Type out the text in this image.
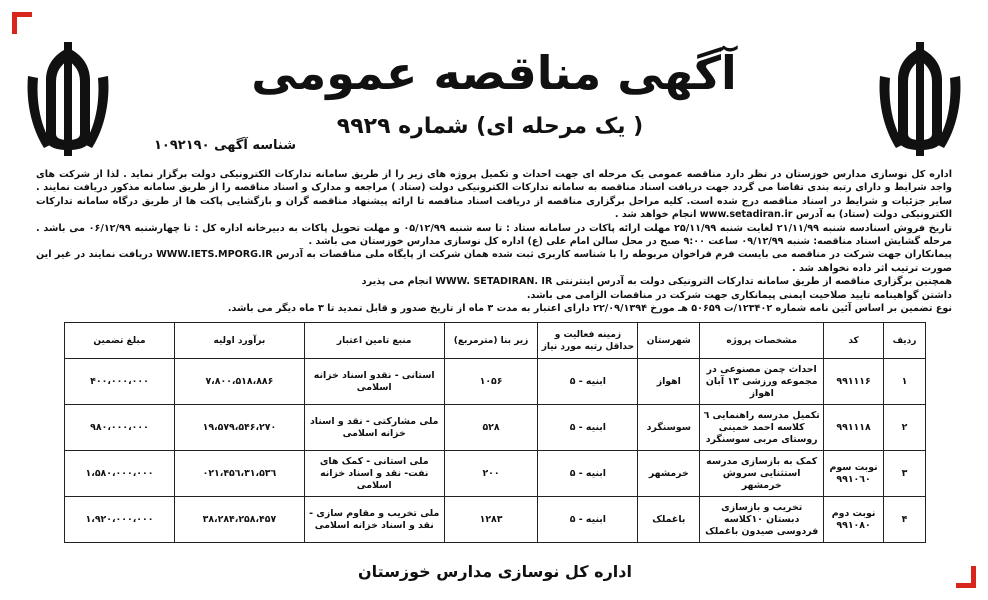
آگهی مناقصه عمومی
( یک مرحله ای) شماره ۹۹۲۹
شناسه آگهی ۱۰۹۲۱۹۰

اداره کل نوسازی مدارس خوزستان در نظر دارد مناقصه عمومی یک مرحله ای جهت احداث و تکمیل پروژه های زیر را از طریق سامانه تدارکات الکترونیکی دولت برگزار نماید . لذا از شرکت های واجد شرایط و دارای رتبه بندی تقاضا می گردد جهت دریافت اسناد مناقصه به سامانه تدارکات الکترونیکی دولت (ستاد ) مراجعه و مدارک و اسناد مناقصه را از طریق سامانه مذکور دریافت نمایند . سایر جزئیات و شرایط در اسناد مناقصه درج شده است. کلیه مراحل برگزاری مناقصه از دریافت اسناد مناقصه تا ارائه پیشنهاد مناقصه گران و بازگشایی پاکت ها از طریق درگاه سامانه تدارکات الکترونیکی دولت (ستاد) به آدرس www.setadiran.ir انجام خواهد شد .

تاریخ فروش اسنادسه شنبه ۲۱/۱۱/۹۹ لغایت شنبه ۲۵/۱۱/۹۹ مهلت ارائه پاکات در سامانه ستاد : تا سه شنبه ۰۵/۱۲/۹۹ و مهلت تحویل پاکات به دبیرخانه اداره کل : تا چهارشنبه ۰۶/۱۲/۹۹ می باشد . مرحله گشایش اسناد مناقصه: شنبه ۰۹/۱۲/۹۹ ساعت ۹:۰۰ صبح در محل سالن امام علی (ع) اداره کل نوسازی مدارس خوزستان می باشد .

پیمانکاران جهت شرکت در مناقصه می بایست فرم فراخوان مربوطه را با شناسه کاربری ثبت شده همان شرکت از پایگاه ملی مناقصات به آدرس WWW.IETS.MPORG.IR دریافت نمایند در غیر این صورت ترتیب اثر داده نخواهد شد .

همچنین برگزاری مناقصه از طریق سامانه تدارکات الترونیکی دولت به آدرس اینترنتی WWW. SETADIRAN. IR انجام می پذیرد

داشتن گواهینامه تایید صلاحیت ایمنی پیمانکاری جهت شرکت در مناقصات الزامی می باشد.

نوع تضمین بر اساس آئین نامه شماره ۱۲۳۴۰۲/ت ۵۰۶۵۹ هـ مورخ ۲۲/۰۹/۱۳۹۴ دارای اعتبار به مدت ۳ ماه از تاریخ صدور و قابل تمدید تا ۳ ماه دیگر می باشد.

ردیف	کد	مشخصات پروژه	شهرستان	زمینه فعالیت و حداقل رتبه مورد نیاز	زیر بنا (مترمربع)	منبع تامین اعتبار	برآورد اولیه	مبلغ تضمین
۱	۹۹۱۱۱۶	احداث چمن مصنوعی در مجموعه ورزشی ۱۳ آبان اهواز	اهواز	ابنیه - ۵	۱۰۵۶	استانی - نقدو اسناد خزانه اسلامی	۷،۸۰۰،۵۱۸،۸۸۶	۴۰۰،۰۰۰،۰۰۰
۲	۹۹۱۱۱۸	تکمیل مدرسه راهنمایی ٦ کلاسه احمد خمینی روستای مربی سوسنگرد	سوسنگرد	ابنیه - ۵	۵۲۸	ملی مشارکتی - نقد و اسناد خزانه اسلامی	۱۹،۵۷۹،۵۴۶،۲۷۰	۹۸۰،۰۰۰،۰۰۰
۳	نوبت سوم ۹۹۱۰٦۰	کمک به بازسازی مدرسه استثنایی سروش خرمشهر	خرمشهر	ابنیه - ۵	۲۰۰	ملی استانی - کمک های نفت- نقد و اسناد خزانه اسلامی	۳۱،۵۳٦،۴۵٦،۰۲۱	۱،۵۸۰،۰۰۰،۰۰۰
۴	نوبت دوم ۹۹۱۰۸۰	تخریب و بازسازی دبستان ۱۰کلاسه فردوسی صیدون باغملک	باغملک	ابنیه - ۵	۱۲۸۳	ملی تخریب و مقاوم سازی - نقد و اسناد خزانه اسلامی	۳۸،۲۸۴،۲۵۸،۴۵۷	۱،۹۲۰،۰۰۰،۰۰۰
اداره کل نوسازی مدارس خوزستان
